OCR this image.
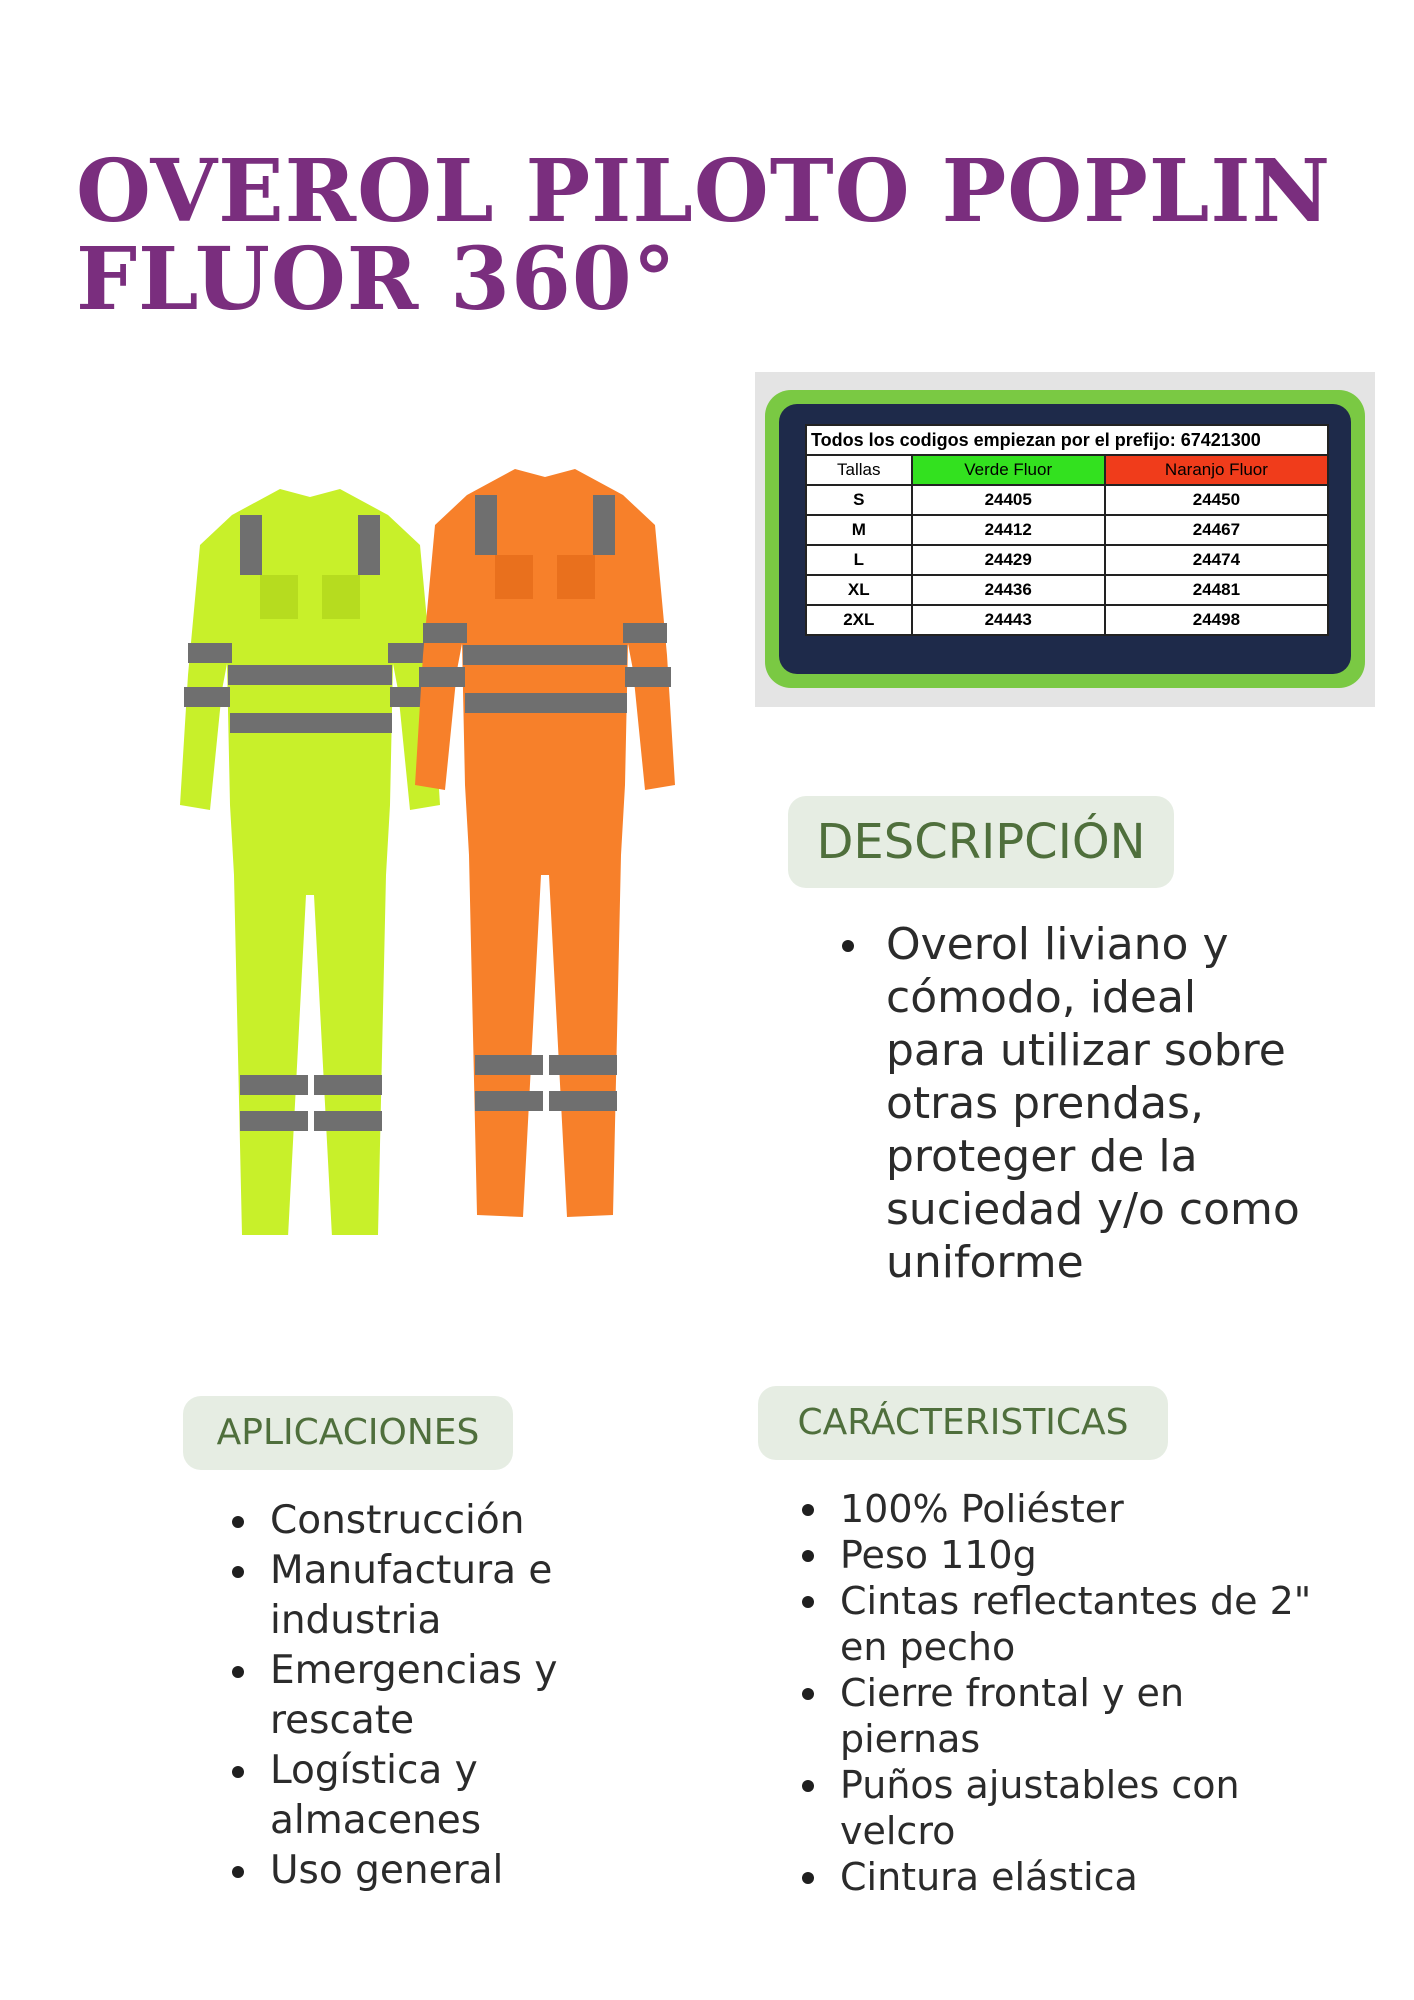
OVEROL PILOTO POPLIN
FLUOR 360°
Todos los codigos empiezan por el prefijo: 67421300		
Tallas	Verde Fluor	Naranjo Fluor
S	24405	24450
M	24412	24467
L	24429	24474
XL	24436	24481
2XL	24443	24498
DESCRIPCIÓN
Overol liviano y cómodo, ideal para utilizar sobre otras prendas, proteger de la suciedad y/o como uniforme
APLICACIONES
Construcción
Manufactura e industria
Emergencias y rescate
Logística y almacenes
Uso general
CARÁCTERISTICAS
100% Poliéster
Peso 110g
Cintas reflectantes de 2" en pecho
Cierre frontal y en piernas
Puños ajustables con velcro
Cintura elástica
